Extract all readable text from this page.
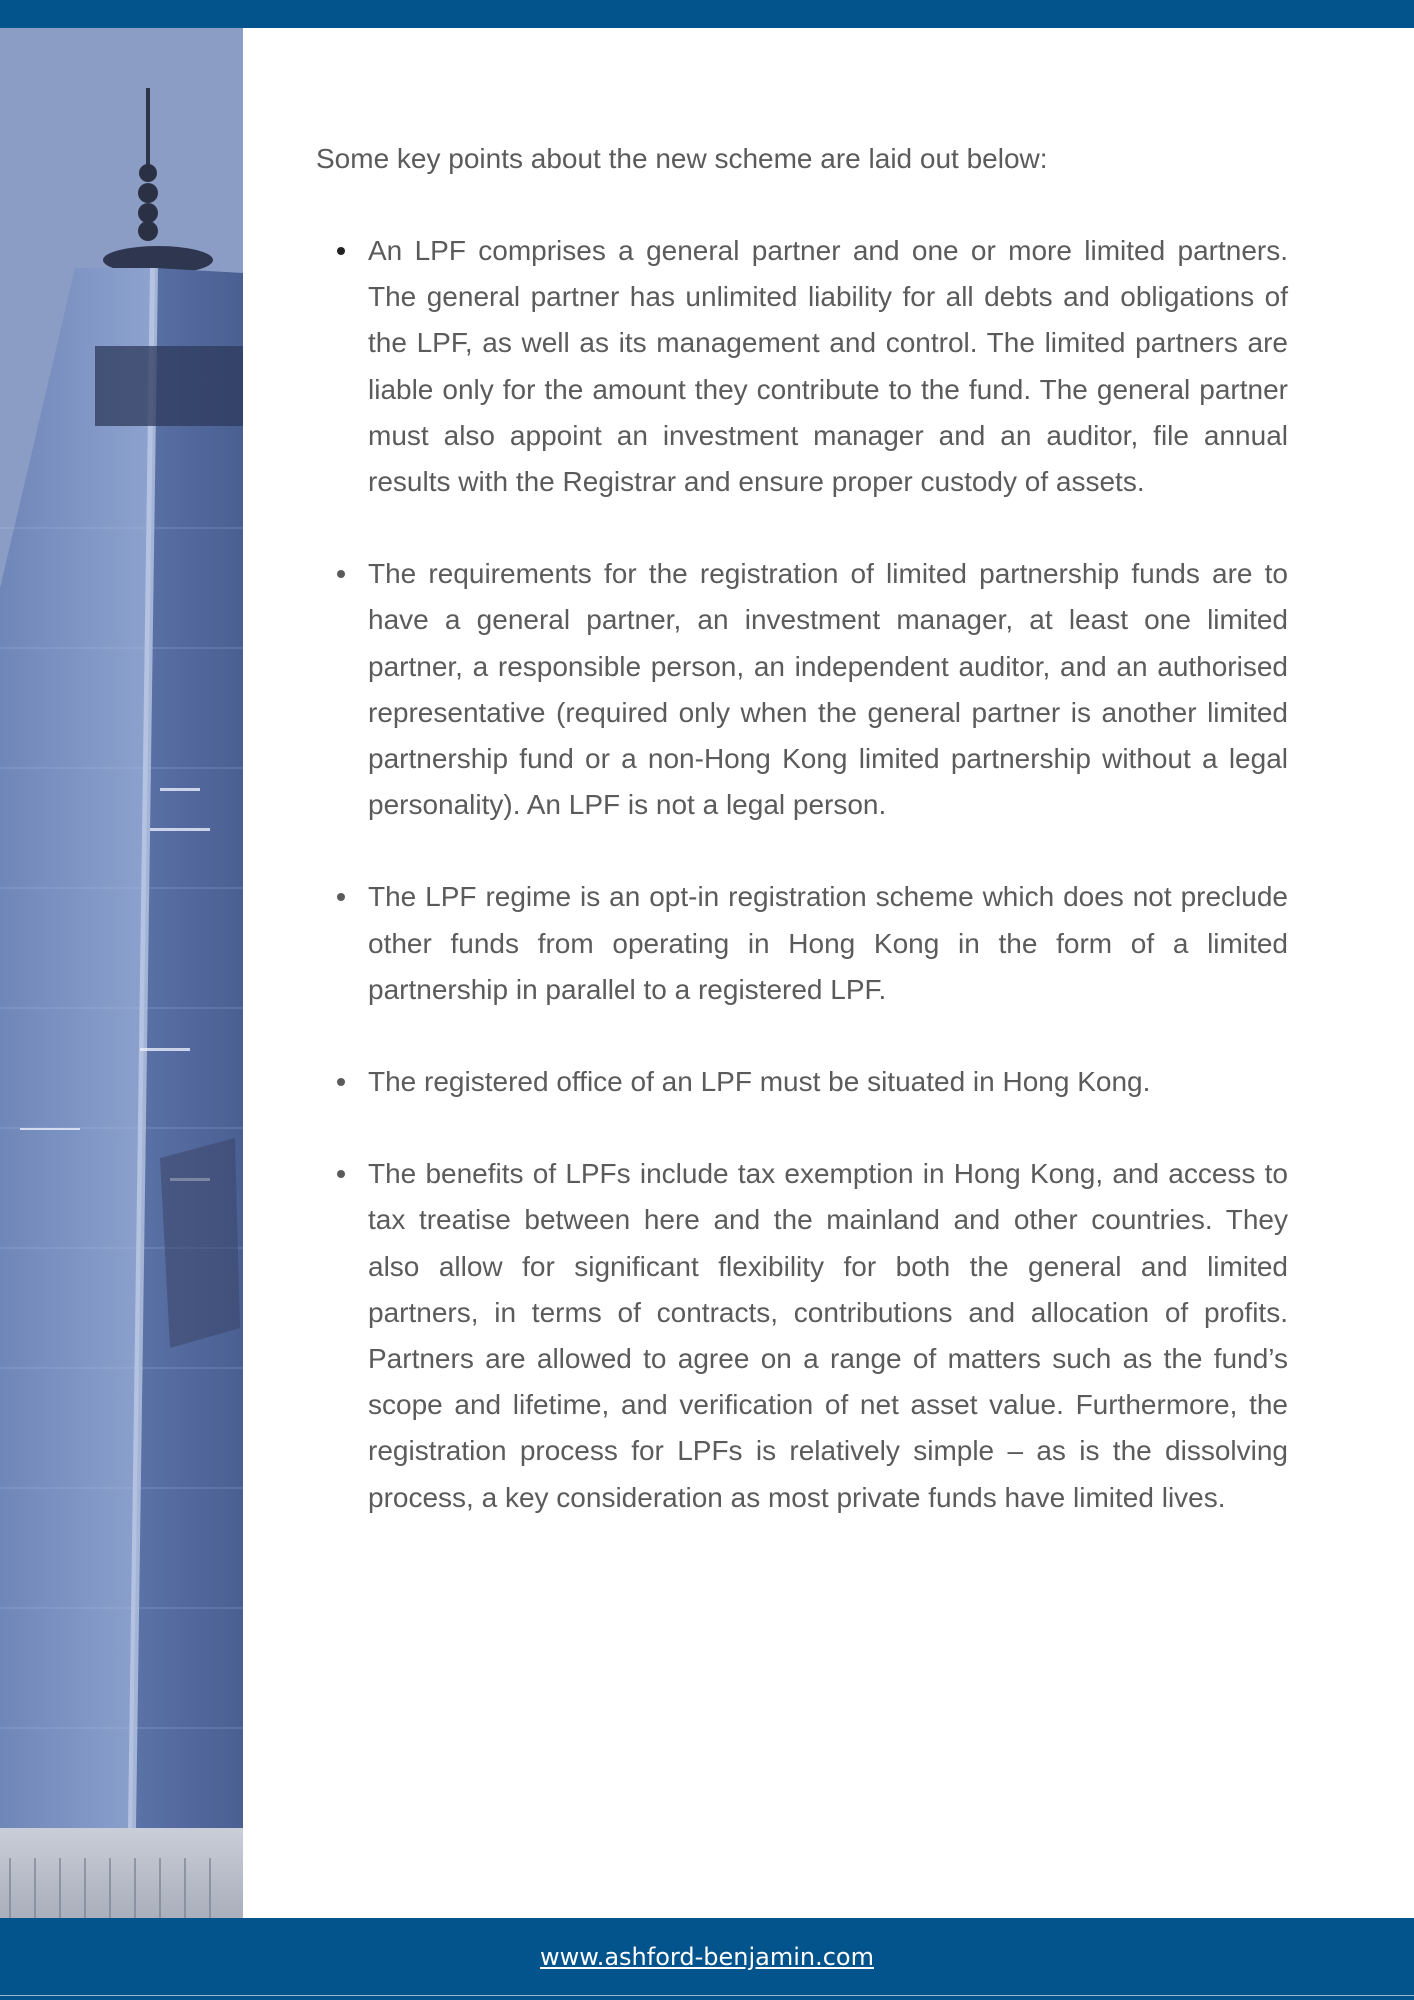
Some key points about the new scheme are laid out below:

An LPF comprises a general partner and one or more limited partners. The general partner has unlimited liability for all debts and obligations of the LPF, as well as its management and control. The limited partners are liable only for the amount they contribute to the fund. The general partner must also appoint an investment manager and an auditor, file annual results with the Registrar and ensure proper custody of assets.
The requirements for the registration of limited partnership funds are to have a general partner, an investment manager, at least one limited partner, a responsible person, an independent auditor, and an authorised representative (required only when the general partner is another limited partnership fund or a non-Hong Kong limited partnership without a legal personality). An LPF is not a legal person.
The LPF regime is an opt-in registration scheme which does not preclude other funds from operating in Hong Kong in the form of a limited partnership in parallel to a registered LPF.
The registered office of an LPF must be situated in Hong Kong.
The benefits of LPFs include tax exemption in Hong Kong, and access to tax treatise between here and the mainland and other countries. They also allow for significant flexibility for both the general and limited partners, in terms of contracts, contributions and allocation of profits. Partners are allowed to agree on a range of matters such as the fund’s scope and lifetime, and verification of net asset value. Furthermore, the registration process for LPFs is relatively simple – as is the dissolving process, a key consideration as most private funds have limited lives.
www.ashford-benjamin.com
